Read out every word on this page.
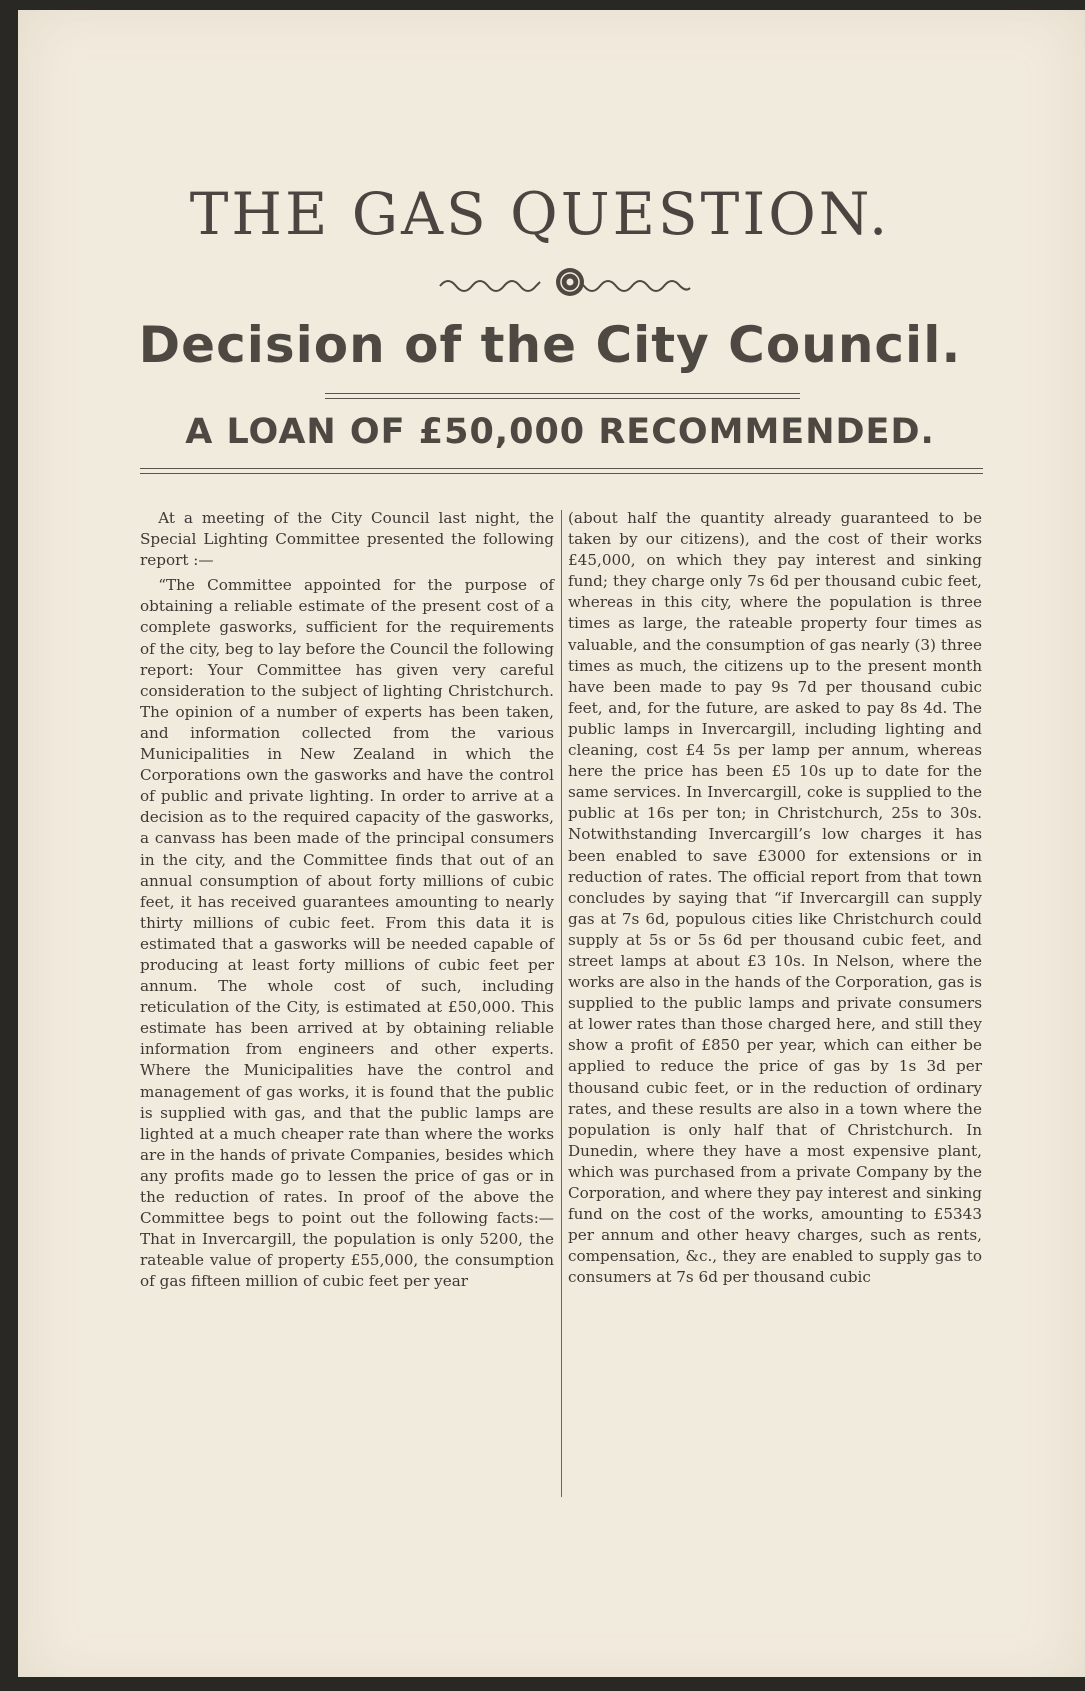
THE GAS QUESTION.
Decision of the City Council.
A LOAN OF £50,000 RECOMMENDED.

At a meeting of the City Council last night, the Special Lighting Committee presented the following report :—

“The Committee appointed for the purpose of obtaining a reliable estimate of the present cost of a complete gasworks, sufficient for the requirements of the city, beg to lay before the Council the following report: Your Committee has given very careful consideration to the subject of lighting Christchurch. The opinion of a number of experts has been taken, and information collected from the various Municipalities in New Zealand in which the Corporations own the gasworks and have the control of public and private lighting. In order to arrive at a decision as to the required capacity of the gasworks, a canvass has been made of the principal consumers in the city, and the Committee finds that out of an annual consumption of about forty millions of cubic feet, it has received guarantees amounting to nearly thirty millions of cubic feet. From this data it is estimated that a gasworks will be needed capable of producing at least forty millions of cubic feet per annum. The whole cost of such, including reticulation of the City, is estimated at £50,000. This estimate has been arrived at by obtaining reliable information from engineers and other experts. Where the Municipalities have the control and management of gas works, it is found that the public is supplied with gas, and that the public lamps are lighted at a much cheaper rate than where the works are in the hands of private Companies, besides which any profits made go to lessen the price of gas or in the reduction of rates. In proof of the above the Committee begs to point out the following facts:—That in Invercargill, the population is only 5200, the rateable value of property £55,000, the consumption of gas fifteen million of cubic feet per year

(about half the quantity already guaranteed to be taken by our citizens), and the cost of their works £45,000, on which they pay interest and sinking fund; they charge only 7s 6d per thousand cubic feet, whereas in this city, where the population is three times as large, the rateable property four times as valuable, and the consumption of gas nearly (3) three times as much, the citizens up to the present month have been made to pay 9s 7d per thousand cubic feet, and, for the future, are asked to pay 8s 4d. The public lamps in Invercargill, including lighting and cleaning, cost £4 5s per lamp per annum, whereas here the price has been £5 10s up to date for the same services. In Invercargill, coke is supplied to the public at 16s per ton; in Christchurch, 25s to 30s. Notwithstanding Invercargill’s low charges it has been enabled to save £3000 for extensions or in reduction of rates. The official report from that town concludes by saying that “if Invercargill can supply gas at 7s 6d, populous cities like Christchurch could supply at 5s or 5s 6d per thousand cubic feet, and street lamps at about £3 10s. In Nelson, where the works are also in the hands of the Corporation, gas is supplied to the public lamps and private consumers at lower rates than those charged here, and still they show a profit of £850 per year, which can either be applied to reduce the price of gas by 1s 3d per thousand cubic feet, or in the reduction of ordinary rates, and these results are also in a town where the population is only half that of Christchurch. In Dunedin, where they have a most expensive plant, which was purchased from a private Company by the Corporation, and where they pay interest and sinking fund on the cost of the works, amounting to £5343 per annum and other heavy charges, such as rents, compensation, &c., they are enabled to supply gas to consumers at 7s 6d per thousand cubic
